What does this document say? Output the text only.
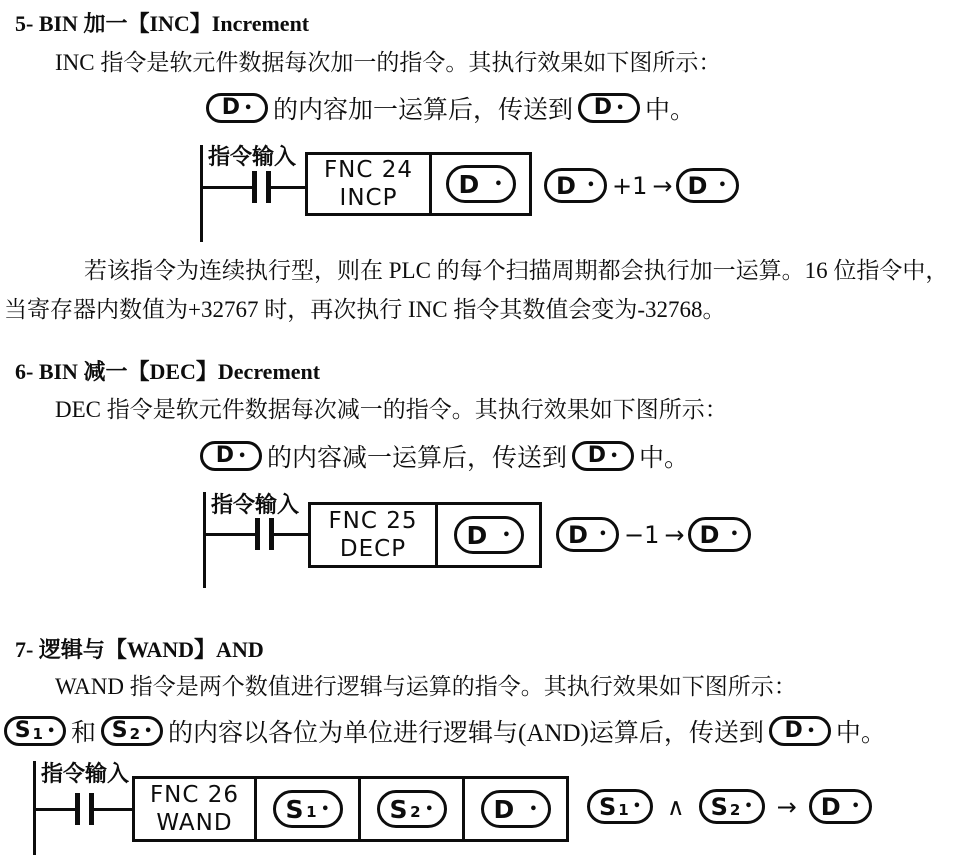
5- BIN 加一【INC】Increment
INC 指令是软元件数据每次加一的指令。其执行效果如下图所示：
D • 的内容加一运算后，传送到 D • 中。
指令输入 FNC 24
INCP D • D • +1 → D •
若该指令为连续执行型，则在 PLC 的每个扫描周期都会执行加一运算。16 位指令中，
当寄存器内数值为+32767 时，再次执行 INC 指令其数值会变为-32768。
6- BIN 减一【DEC】Decrement
DEC 指令是软元件数据每次减一的指令。其执行效果如下图所示：
D • 的内容减一运算后，传送到 D • 中。
指令输入
FNC 25
DECP D • D • −1 → D •
7- 逻辑与【WAND】AND
WAND 指令是两个数值进行逻辑与运算的指令。其执行效果如下图所示：
S 1 • 和 S 2 • 的内容以各位为单位进行逻辑与(AND)运算后，传送到 D • 中。
指令输入
FNC 26
WAND S 1 • S 2 • D •	S 1 • ∧ S 2 • → D •
